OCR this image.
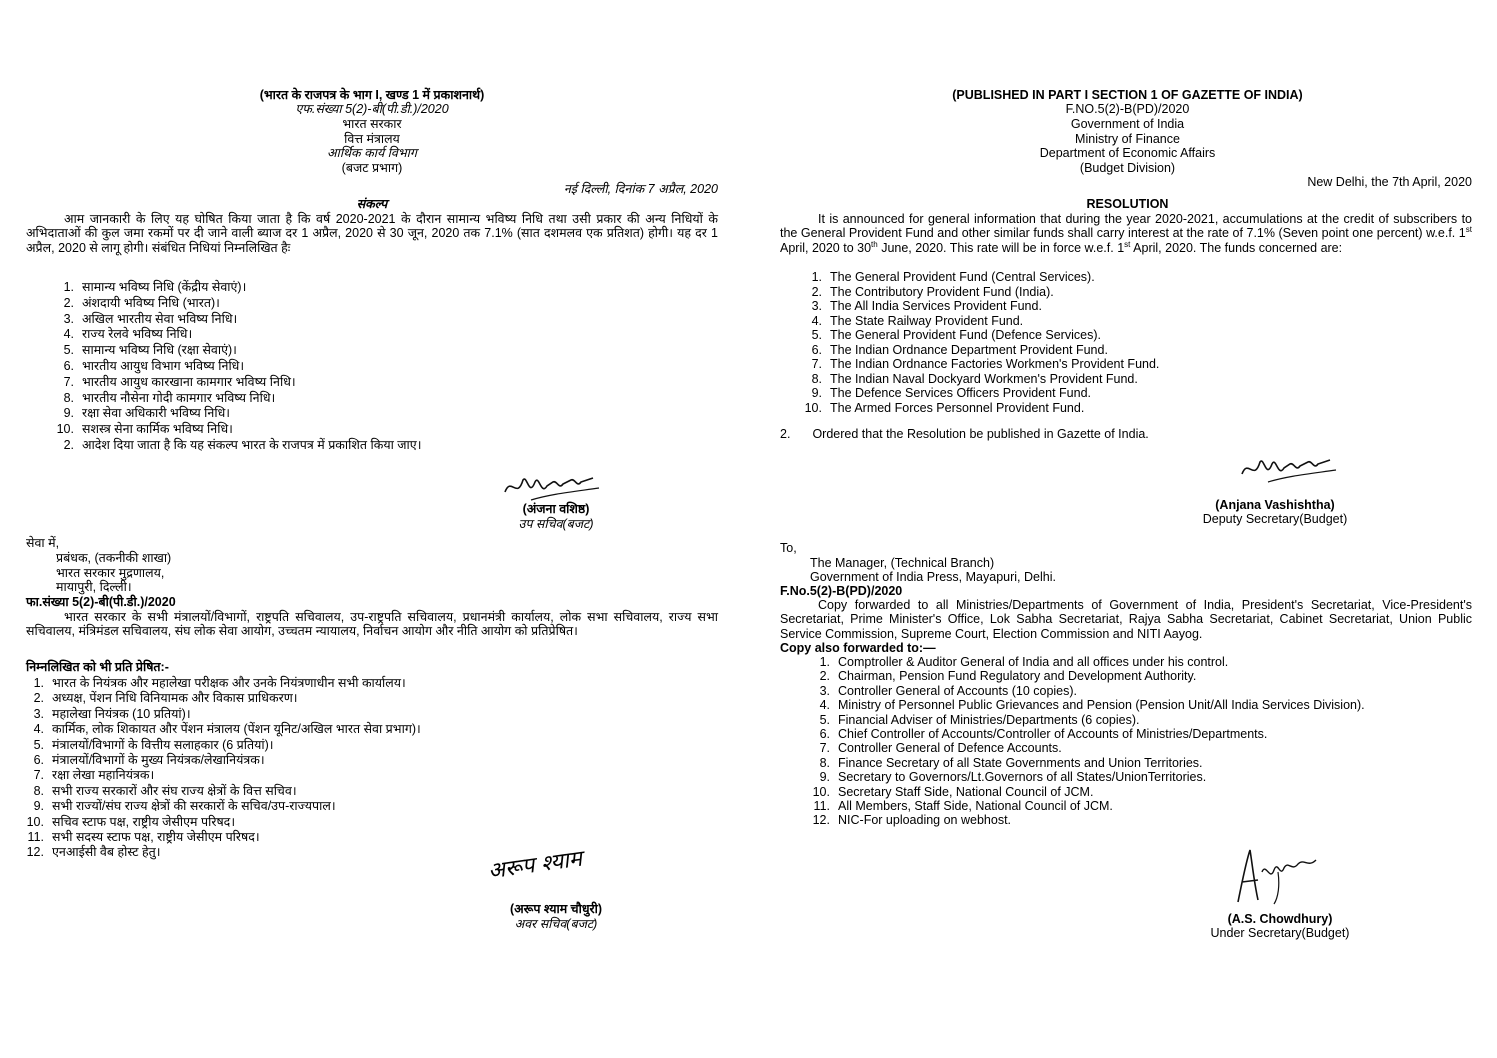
(भारत के राजपत्र के भाग I, खण्ड 1 में प्रकाशनार्थ)
एफ.संख्या 5(2)-बी(पी.डी.)/2020
भारत सरकार
वित्त मंत्रालय
आर्थिक कार्य विभाग
(बजट प्रभाग)
नई दिल्ली, दिनांक 7 अप्रैल, 2020
संकल्प
आम जानकारी के लिए यह घोषित किया जाता है कि वर्ष 2020-2021 के दौरान सामान्य भविष्य निधि तथा उसी प्रकार की अन्य निधियों के अभिदाताओं की कुल जमा रकमों पर दी जाने वाली ब्याज दर 1 अप्रैल, 2020 से 30 जून, 2020 तक 7.1% (सात दशमलव एक प्रतिशत) होगी। यह दर 1 अप्रैल, 2020 से लागू होगी। संबंधित निधियां निम्नलिखित हैः
1. सामान्य भविष्य निधि (केंद्रीय सेवाएं)।
2. अंशदायी भविष्य निधि (भारत)।
3. अखिल भारतीय सेवा भविष्य निधि।
4. राज्य रेलवे भविष्य निधि।
5. सामान्य भविष्य निधि (रक्षा सेवाएं)।
6. भारतीय आयुध विभाग भविष्य निधि।
7. भारतीय आयुध कारखाना कामगार भविष्य निधि।
8. भारतीय नौसेना गोदी कामगार भविष्य निधि।
9. रक्षा सेवा अधिकारी भविष्य निधि।
10. सशस्त्र सेना कार्मिक भविष्य निधि।
2. आदेश दिया जाता है कि यह संकल्प भारत के राजपत्र में प्रकाशित किया जाए।
(अंजना वशिष्ठ)
उप सचिव(बजट)
सेवा में,
प्रबंधक, (तकनीकी शाखा)
भारत सरकार मुद्रणालय,
मायापुरी, दिल्ली।
फा.संख्या 5(2)-बी(पी.डी.)/2020
भारत सरकार के सभी मंत्रालयों/विभागों, राष्ट्रपति सचिवालय, उप-राष्ट्रपति सचिवालय, प्रधानमंत्री कार्यालय, लोक सभा सचिवालय, राज्य सभा सचिवालय, मंत्रिमंडल सचिवालय, संघ लोक सेवा आयोग, उच्चतम न्यायालय, निर्वाचन आयोग और नीति आयोग को प्रतिप्रेषित।
निम्नलिखित को भी प्रति प्रेषित:-
1. भारत के नियंत्रक और महालेखा परीक्षक और उनके नियंत्रणाधीन सभी कार्यालय।
2. अध्यक्ष, पेंशन निधि विनियामक और विकास प्राधिकरण।
3. महालेखा नियंत्रक (10 प्रतियां)।
4. कार्मिक, लोक शिकायत और पेंशन मंत्रालय (पेंशन यूनिट/अखिल भारत सेवा प्रभाग)।
5. मंत्रालयों/विभागों के वित्तीय सलाहकार (6 प्रतियां)।
6. मंत्रालयों/विभागों के मुख्य नियंत्रक/लेखानियंत्रक।
7. रक्षा लेखा महानियंत्रक।
8. सभी राज्य सरकारों और संघ राज्य क्षेत्रों के वित्त सचिव।
9. सभी राज्यों/संघ राज्य क्षेत्रों की सरकारों के सचिव/उप-राज्यपाल।
10. सचिव स्टाफ पक्ष, राष्ट्रीय जेसीएम परिषद।
11. सभी सदस्य स्टाफ पक्ष, राष्ट्रीय जेसीएम परिषद।
12. एनआईसी वैब होस्ट हेतु।	अरूप श्याम
(अरूप श्याम चौधुरी)
अवर सचिव(बजट)
(PUBLISHED IN PART I SECTION 1 OF GAZETTE OF INDIA)
F.NO.5(2)-B(PD)/2020
Government of India
Ministry of Finance
Department of Economic Affairs
(Budget Division)
New Delhi, the 7th April, 2020
RESOLUTION
It is announced for general information that during the year 2020-2021, accumulations at the credit of subscribers to the General Provident Fund and other similar funds shall carry interest at the rate of 7.1% (Seven point one percent) w.e.f. 1st April, 2020 to 30th June, 2020. This rate will be in force w.e.f. 1st April, 2020. The funds concerned are:
1. The General Provident Fund (Central Services).
2. The Contributory Provident Fund (India).
3. The All India Services Provident Fund.
4. The State Railway Provident Fund.
5. The General Provident Fund (Defence Services).
6. The Indian Ordnance Department Provident Fund.
7. The Indian Ordnance Factories Workmen's Provident Fund.
8. The Indian Naval Dockyard Workmen's Provident Fund.
9. The Defence Services Officers Provident Fund.
10. The Armed Forces Personnel Provident Fund.
2. Ordered that the Resolution be published in Gazette of India.
(Anjana Vashishtha)
Deputy Secretary(Budget)
To,
The Manager, (Technical Branch)
Government of India Press, Mayapuri, Delhi.
F.No.5(2)-B(PD)/2020
Copy forwarded to all Ministries/Departments of Government of India, President's Secretariat, Vice-President's Secretariat, Prime Minister's Office, Lok Sabha Secretariat, Rajya Sabha Secretariat, Cabinet Secretariat, Union Public Service Commission, Supreme Court, Election Commission and NITI Aayog.
Copy also forwarded to:—
1. Comptroller & Auditor General of India and all offices under his control.
2. Chairman, Pension Fund Regulatory and Development Authority.
3. Controller General of Accounts (10 copies).
4. Ministry of Personnel Public Grievances and Pension (Pension Unit/All India Services Division).
5. Financial Adviser of Ministries/Departments (6 copies).
6. Chief Controller of Accounts/Controller of Accounts of Ministries/Departments.
7. Controller General of Defence Accounts.
8. Finance Secretary of all State Governments and Union Territories.
9. Secretary to Governors/Lt.Governors of all States/UnionTerritories.
10. Secretary Staff Side, National Council of JCM.
11. All Members, Staff Side, National Council of JCM.
12. NIC-For uploading on webhost.
(A.S. Chowdhury)
Under Secretary(Budget)
